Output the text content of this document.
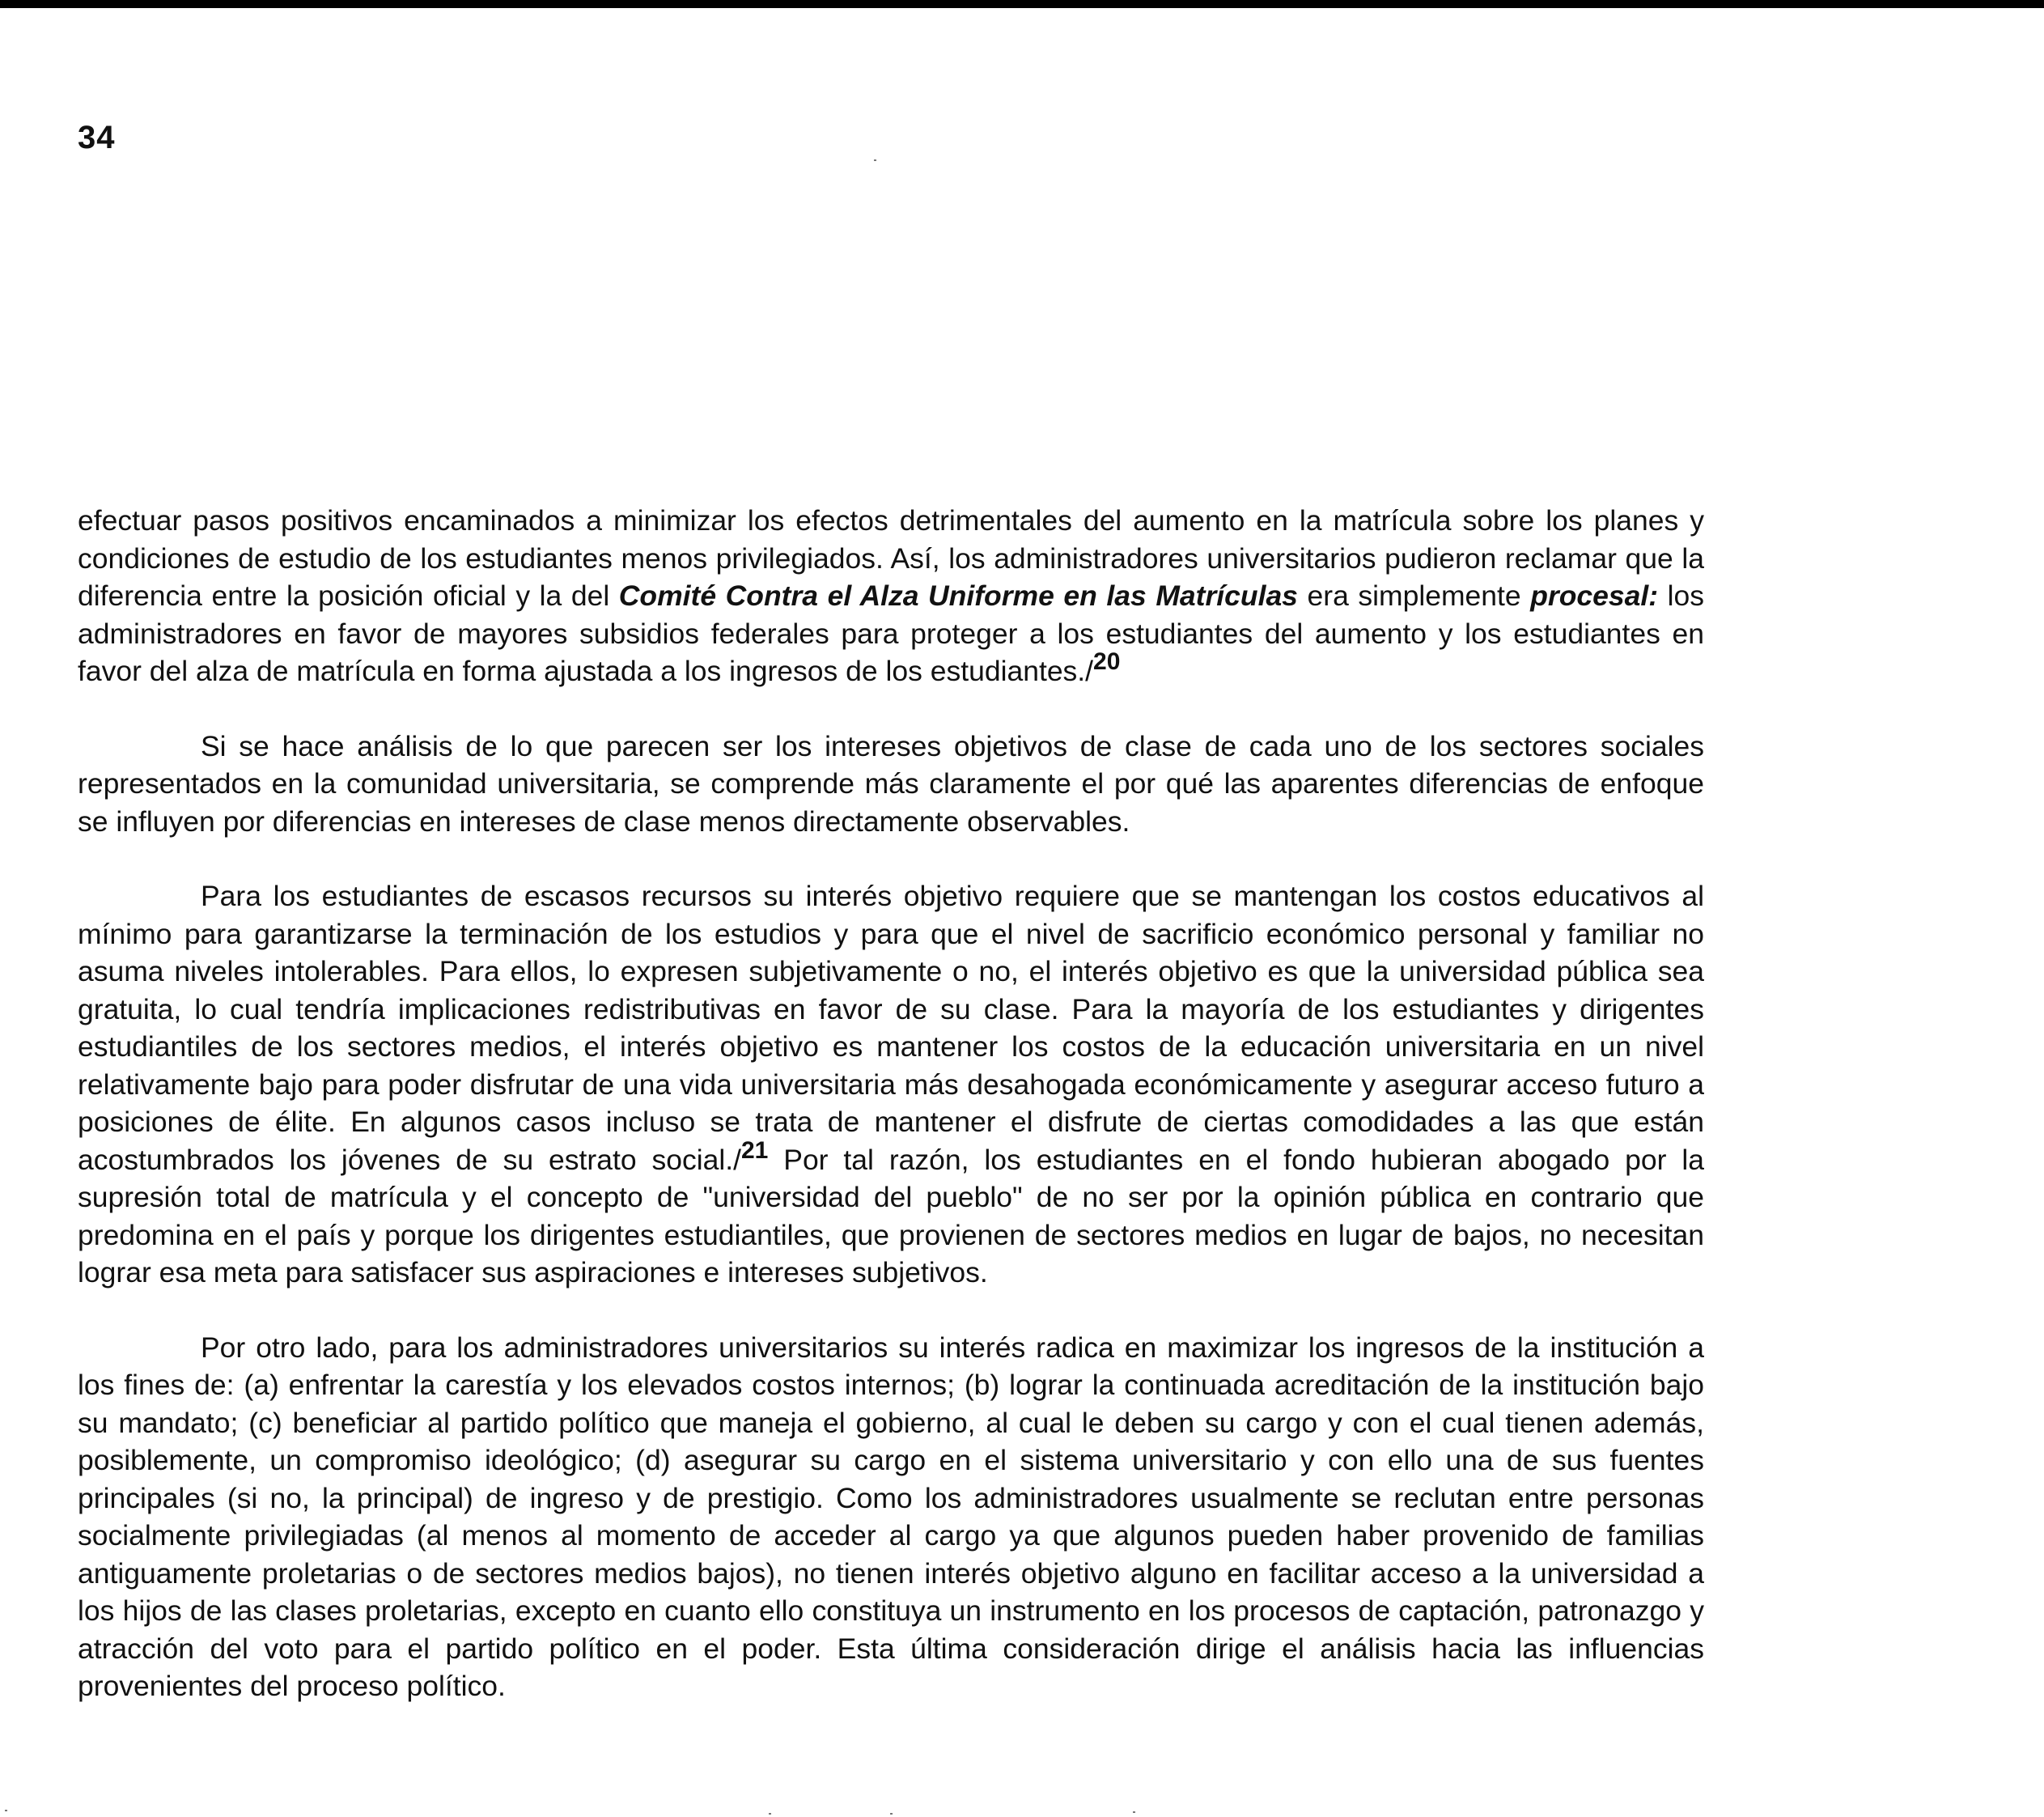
34

efectuar pasos positivos encaminados a minimizar los efectos detrimentales del aumento en la matrícula sobre los planes y condiciones de estudio de los estudiantes menos privilegiados. Así, los administradores universitarios pudieron reclamar que la diferencia entre la posición oficial y la del Comité Contra el Alza Uniforme en las Matrículas era simplemente procesal: los administradores en favor de mayores subsidios federales para proteger a los estudiantes del aumento y los estudiantes en favor del alza de matrícula en forma ajustada a los ingresos de los estudiantes./$^{20}$

Si se hace análisis de lo que parecen ser los intereses objetivos de clase de cada uno de los sectores sociales representados en la comunidad universitaria, se comprende más claramente el por qué las aparentes diferencias de enfoque se influyen por diferencias en intereses de clase menos directamente observables.

Para los estudiantes de escasos recursos su interés objetivo requiere que se mantengan los costos educativos al mínimo para garantizarse la terminación de los estudios y para que el nivel de sacrificio económico personal y familiar no asuma niveles intolerables. Para ellos, lo expresen subjetivamente o no, el interés objetivo es que la universidad pública sea gratuita, lo cual tendría implicaciones redistributivas en favor de su clase. Para la mayoría de los estudiantes y dirigentes estudiantiles de los sectores medios, el interés objetivo es mantener los costos de la educación universitaria en un nivel relativamente bajo para poder disfrutar de una vida universitaria más desahogada económicamente y asegurar acceso futuro a posiciones de élite. En algunos casos incluso se trata de mantener el disfrute de ciertas comodidades a las que están acostumbrados los jóvenes de su estrato social./$^{21}$ Por tal razón, los estudiantes en el fondo hubieran abogado por la supresión total de matrícula y el concepto de "universidad del pueblo" de no ser por la opinión pública en contrario que predomina en el país y porque los dirigentes estudiantiles, que provienen de sectores medios en lugar de bajos, no necesitan lograr esa meta para satisfacer sus aspiraciones e intereses subjetivos.

Por otro lado, para los administradores universitarios su interés radica en maximizar los ingresos de la institución a los fines de: (a) enfrentar la carestía y los elevados costos internos; (b) lograr la continuada acreditación de la institución bajo su mandato; (c) beneficiar al partido político que maneja el gobierno, al cual le deben su cargo y con el cual tienen además, posiblemente, un compromiso ideológico; (d) asegurar su cargo en el sistema universitario y con ello una de sus fuentes principales (si no, la principal) de ingreso y de prestigio. Como los administradores usualmente se reclutan entre personas socialmente privilegiadas (al menos al momento de acceder al cargo ya que algunos pueden haber provenido de familias antiguamente proletarias o de sectores medios bajos), no tienen interés objetivo alguno en facilitar acceso a la universidad a los hijos de las clases proletarias, excepto en cuanto ello constituya un instrumento en los procesos de captación, patronazgo y atracción del voto para el partido político en el poder. Esta última consideración dirige el análisis hacia las influencias provenientes del proceso político.
